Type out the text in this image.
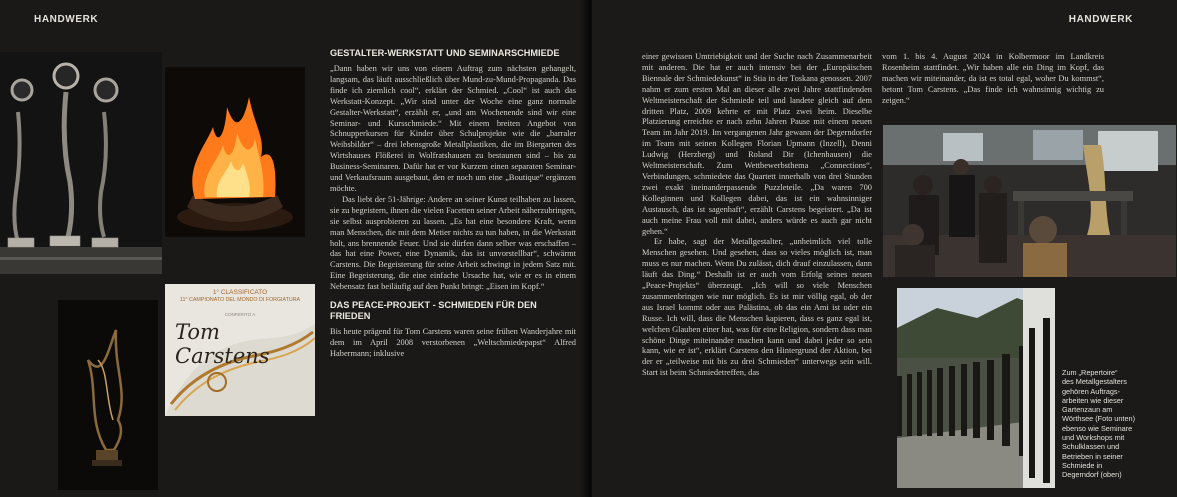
HANDWERK
1° CLASSIFICATO
11° CAMPIONATO DEL MONDO DI FORGIATURA
CONFERITO A
Tom Carstens
GESTALTER-WERKSTATT UND SEMINARSCHMIEDE

„Dann haben wir uns von einem Auftrag zum nächsten gehangelt, langsam, das läuft ausschließlich über Mund-zu-Mund-Propaganda. Das finde ich ziemlich cool“, erklärt der Schmied. „Cool“ ist auch das Werkstatt-Konzept. „Wir sind unter der Woche eine ganz normale Gestalter-Werkstatt“, erzählt er, „und am Wochenende sind wir eine Seminar- und Kursschmiede.“ Mit einem breiten Angebot von Schnupperkursen für Kinder über Schulprojekte wie die „barraler Weibsbilder“ – drei lebensgroße Metallplastiken, die im Biergarten des Wirtshauses Flößerei in Wolfratshausen zu bestaunen sind – bis zu Business-Seminaren. Dafür hat er vor Kurzem einen separaten Seminar- und Verkaufsraum ausgebaut, den er noch um eine „Boutique“ ergänzen möchte.

Das liebt der 51-Jährige: Andere an seiner Kunst teilhaben zu lassen, sie zu begeistern, ihnen die vielen Facetten seiner Arbeit näherzubringen, sie selbst ausprobieren zu lassen. „Es hat eine besondere Kraft, wenn man Menschen, die mit dem Metier nichts zu tun haben, in die Werkstatt holt, ans brennende Feuer. Und sie dürfen dann selber was erschaffen – das hat eine Power, eine Dynamik, das ist unvorstellbar“, schwärmt Carstens. Die Begeisterung für seine Arbeit schwingt in jedem Satz mit. Eine Begeisterung, die eine einfache Ursache hat, wie er es in einem Nebensatz fast beiläufig auf den Punkt bringt: „Eisen im Kopf.“

DAS PEACE-PROJEKT - SCHMIEDEN FÜR DEN FRIEDEN

Bis heute prägend für Tom Carstens waren seine frühen Wanderjahre mit dem im April 2008 verstorbenen „Weltschmiedepapst“ Alfred Habermann; inklusive

HANDWERK

einer gewissen Umtriebigkeit und der Suche nach Zusammenarbeit mit anderen. Die hat er auch intensiv bei der „Europäischen Biennale der Schmiedekunst“ in Stia in der Toskana genossen. 2007 nahm er zum ersten Mal an dieser alle zwei Jahre stattfindenden Weltmeisterschaft der Schmiede teil und landete gleich auf dem dritten Platz, 2009 kehrte er mit Platz zwei heim. Dieselbe Platzierung erreichte er nach zehn Jahren Pause mit einem neuen Team im Jahr 2019. Im vergangenen Jahr gewann der Degerndorfer im Team mit seinen Kollegen Florian Upmann (Inzell), Denni Ludwig (Herzberg) und Roland Dir (Ichenhausen) die Weltmeisterschaft. Zum Wettbewerbsthema „Connections“, Verbindungen, schmiedete das Quartett innerhalb von drei Stunden zwei exakt ineinanderpassende Puzzleteile. „Da waren 700 Kolleginnen und Kollegen dabei, das ist ein wahnsinniger Austausch, das ist sagenhaft“, erzählt Carstens begeistert. „Da ist auch meine Frau voll mit dabei, anders würde es auch gar nicht gehen.“

Er habe, sagt der Metallgestalter, „unheimlich viel tolle Menschen gesehen. Und gesehen, dass so vieles möglich ist, man muss es nur machen. Wenn Du zulässt, dich drauf einzulassen, dann läuft das Ding.“ Deshalb ist er auch vom Erfolg seines neuen „Peace-Projekts“ überzeugt. „Ich will so viele Menschen zusammenbringen wie nur möglich. Es ist mir völlig egal, ob der aus Israel kommt oder aus Palästina, ob das ein Ami ist oder ein Russe. Ich will, dass die Menschen kapieren, dass es ganz egal ist, welchen Glauben einer hat, was für eine Religion, sondern dass man schöne Dinge miteinander machen kann und dabei jeder so sein kann, wie er ist“, erklärt Carstens den Hintergrund der Aktion, bei der er „teilweise mit bis zu drei Schmieden“ unterwegs sein will. Start ist beim Schmiedetreffen, das

vom 1. bis 4. August 2024 in Kolbermoor im Landkreis Rosenheim stattfindet. „Wir haben alle ein Ding im Kopf, das machen wir miteinander, da ist es total egal, woher Du kommst“, betont Tom Carstens. „Das finde ich wahnsinnig wichtig zu zeigen.“

Zum „Repertoire“
des Metallgestalters
gehören Auftrags-
arbeiten wie dieser
Gartenzaun am
Wörthsee (Foto unten)
ebenso wie Seminare
und Workshops mit
Schulklassen und
Betrieben in seiner
Schmiede in
Degerndorf (oben)
